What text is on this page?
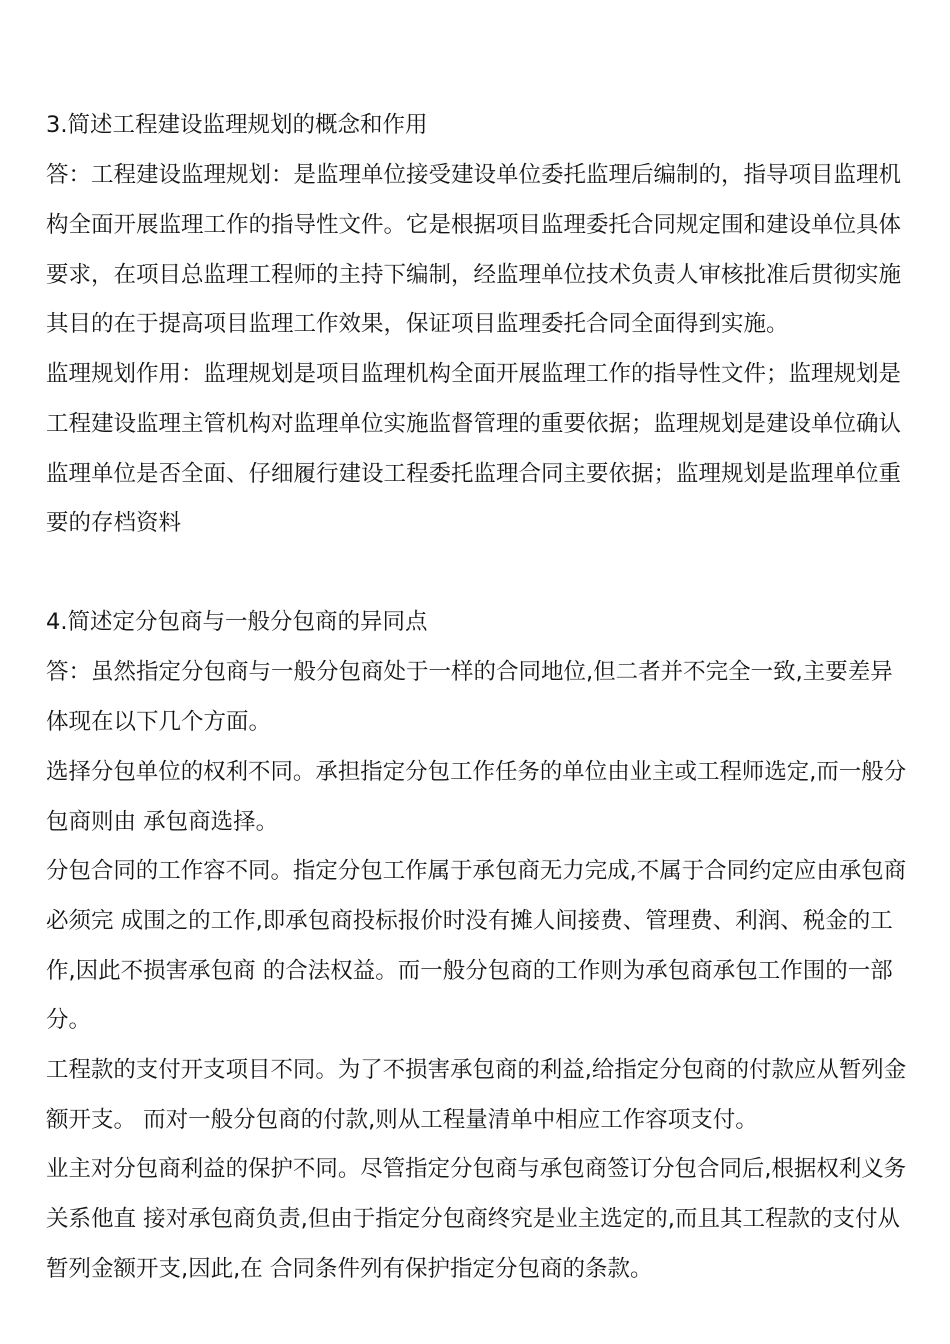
3.简述工程建设监理规划的概念和作用
答：工程建设监理规划：是监理单位接受建设单位委托监理后编制的，指导项目监理机
构全面开展监理工作的指导性文件。它是根据项目监理委托合同规定围和建设单位具体
要求，在项目总监理工程师的主持下编制，经监理单位技术负责人审核批准后贯彻实施
其目的在于提高项目监理工作效果，保证项目监理委托合同全面得到实施。
监理规划作用：监理规划是项目监理机构全面开展监理工作的指导性文件；监理规划是
工程建设监理主管机构对监理单位实施监督管理的重要依据；监理规划是建设单位确认
监理单位是否全面、仔细履行建设工程委托监理合同主要依据；监理规划是监理单位重
要的存档资料
4.简述定分包商与一般分包商的异同点
答：虽然指定分包商与一般分包商处于一样的合同地位,但二者并不完全一致,主要差异
体现在以下几个方面。
选择分包单位的权利不同。承担指定分包工作任务的单位由业主或工程师选定,而一般分
包商则由 承包商选择。
分包合同的工作容不同。指定分包工作属于承包商无力完成,不属于合同约定应由承包商
必须完 成围之的工作,即承包商投标报价时没有摊人间接费、管理费、利润、税金的工
作,因此不损害承包商 的合法权益。而一般分包商的工作则为承包商承包工作围的一部
分。
工程款的支付开支项目不同。为了不损害承包商的利益,给指定分包商的付款应从暂列金
额开支。 而对一般分包商的付款,则从工程量清单中相应工作容项支付。
业主对分包商利益的保护不同。尽管指定分包商与承包商签订分包合同后,根据权利义务
关系他直 接对承包商负责,但由于指定分包商终究是业主选定的,而且其工程款的支付从
暂列金额开支,因此,在 合同条件列有保护指定分包商的条款。
